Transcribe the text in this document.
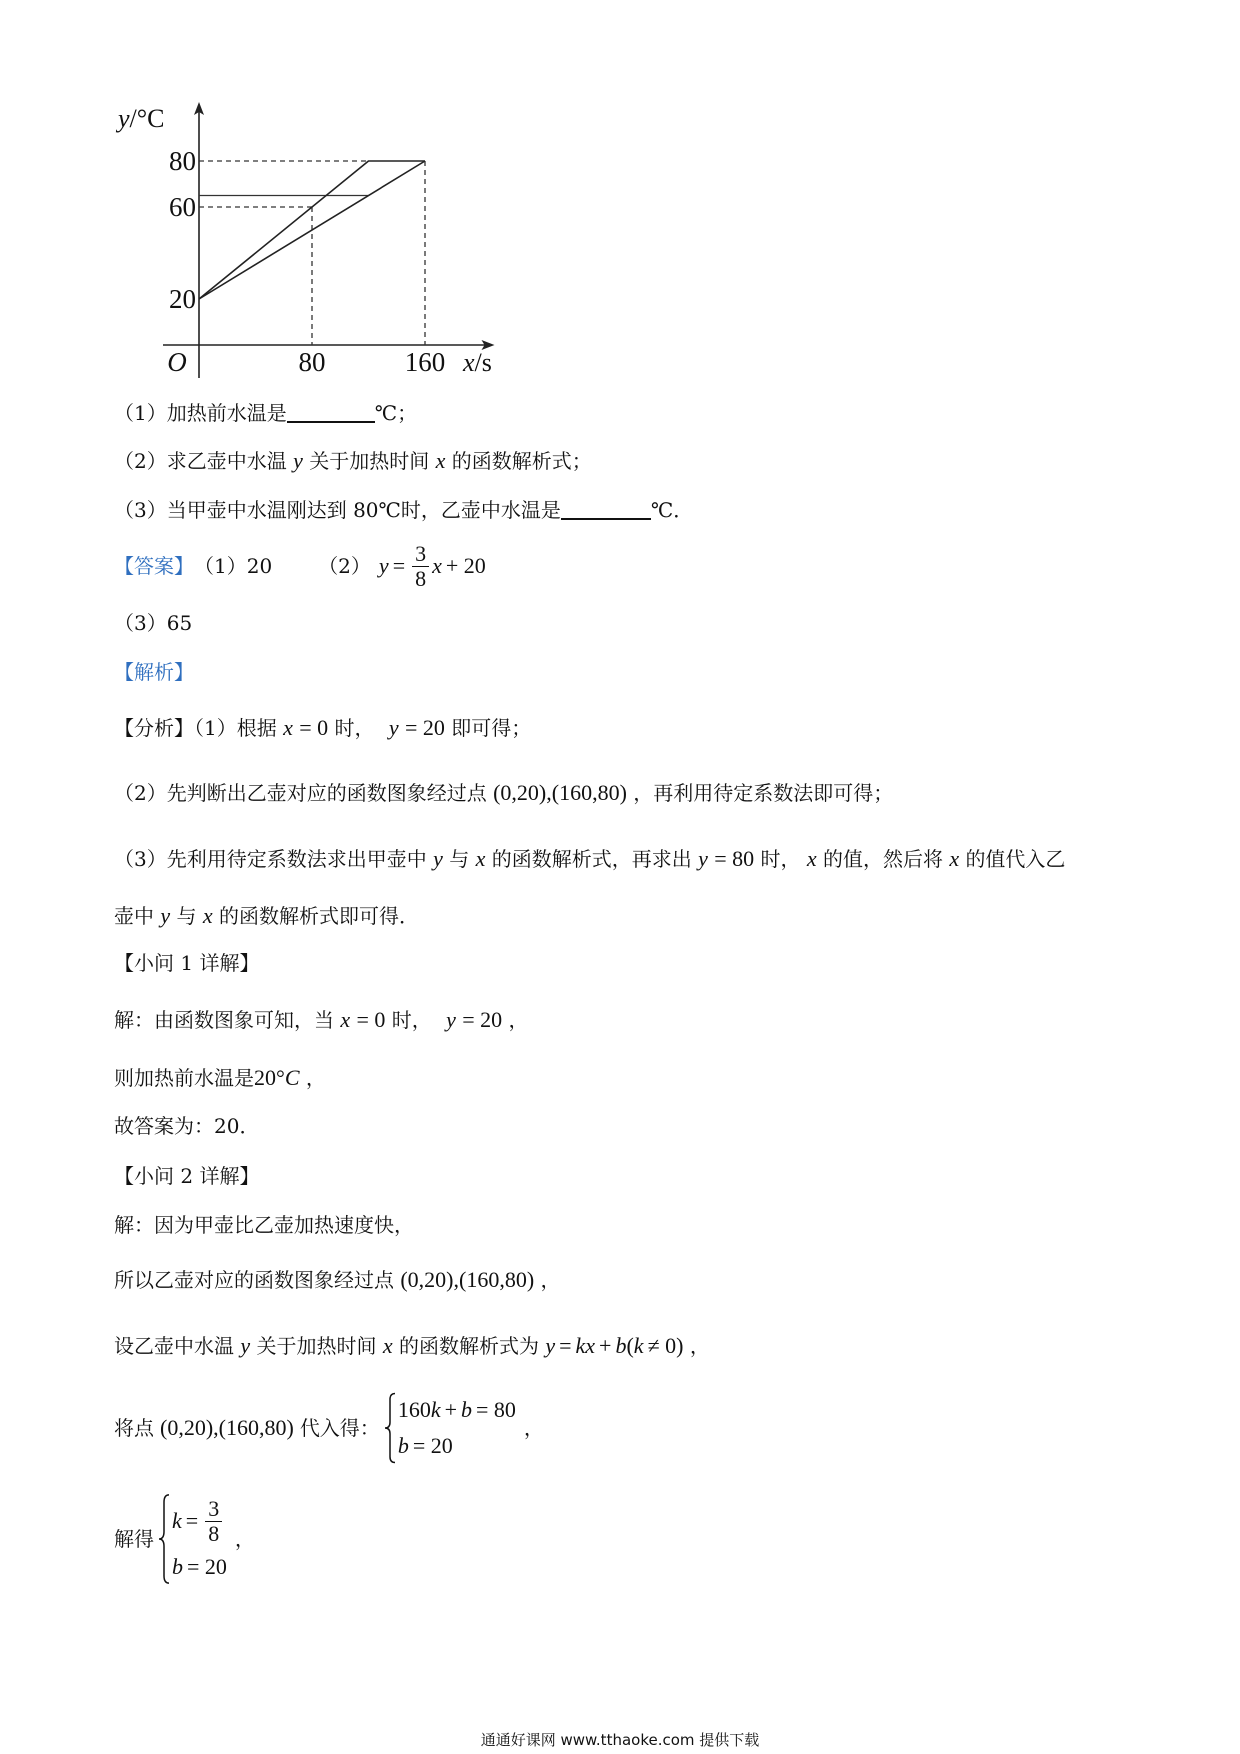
80
60
20
80	160
O
y/°C
x/s
（1）加热前水温是	℃；
（2）求乙壶中水温 y 关于加热时间 x 的函数解析式；
（3）当甲壶中水温刚达到 80℃时，乙壶中水温是	℃．
【答案】 （1）20 （2） $y = \frac{3}{8}$ x + 20
（3）65
【解析】
【分析】（1）根据 x = 0 时， y = 20 即可得；
（2）先判断出乙壶对应的函数图象经过点 (0,20),(160,80) ，再利用待定系数法即可得；
（3）先利用待定系数法求出甲壶中 y 与 x 的函数解析式，再求出 y = 80 时， x 的值，然后将 x 的值代入乙
壶中 y 与 x 的函数解析式即可得．
【小问 1 详解】
解：由函数图象可知，当 x = 0 时， y = 20 ，
则加热前水温是20°C ，
故答案为：20．
【小问 2 详解】
解：因为甲壶比乙壶加热速度快，
所以乙壶对应的函数图象经过点 (0,20),(160,80) ，
设乙壶中水温 y 关于加热时间 x 的函数解析式为 y = kx + b(k ≠ 0) ，
将点 (0,20),(160,80) 代入得：
160 k + b = 80
b = 20
，
解得
$k = \frac{3}{8}$
b = 20
，
通通好课网 www.tthaoke.com 提供下载
